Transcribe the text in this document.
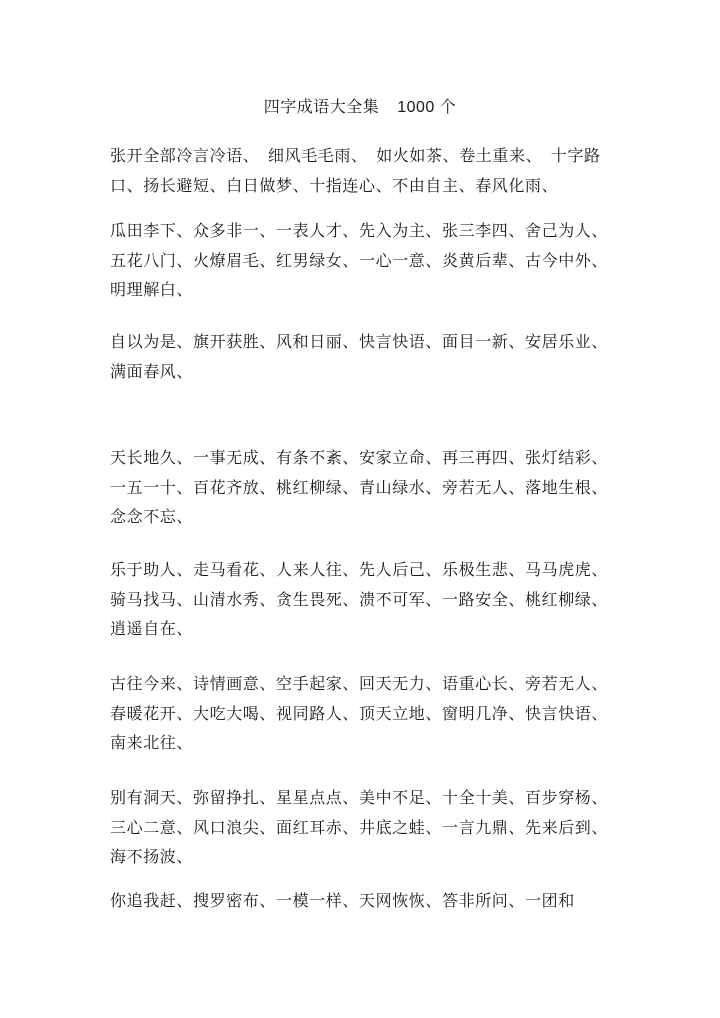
四字成语大全集 1000 个

张开全部冷言冷语、　细风毛毛雨、　如火如茶、卷土重来、　十字路口、扬长避短、白日做梦、十指连心、不由自主、春风化雨、

瓜田李下、众多非一、一表人才、先入为主、张三李四、舍己为人、五花八门、火燎眉毛、红男绿女、一心一意、炎黄后辈、古今中外、明理解白、

自以为是、旗开获胜、风和日丽、快言快语、面目一新、安居乐业、满面春风、

天长地久、一事无成、有条不紊、安家立命、再三再四、张灯结彩、一五一十、百花齐放、桃红柳绿、青山绿水、旁若无人、落地生根、念念不忘、

乐于助人、走马看花、人来人往、先人后己、乐极生悲、马马虎虎、骑马找马、山清水秀、贪生畏死、溃不可军、一路安全、桃红柳绿、逍遥自在、

古往今来、诗情画意、空手起家、回天无力、语重心长、旁若无人、春暖花开、大吃大喝、视同路人、顶天立地、窗明几净、快言快语、南来北往、

别有洞天、弥留挣扎、星星点点、美中不足、十全十美、百步穿杨、三心二意、风口浪尖、面红耳赤、井底之蛙、一言九鼎、先来后到、海不扬波、

你追我赶、搜罗密布、一模一样、天网恢恢、答非所问、一团和
